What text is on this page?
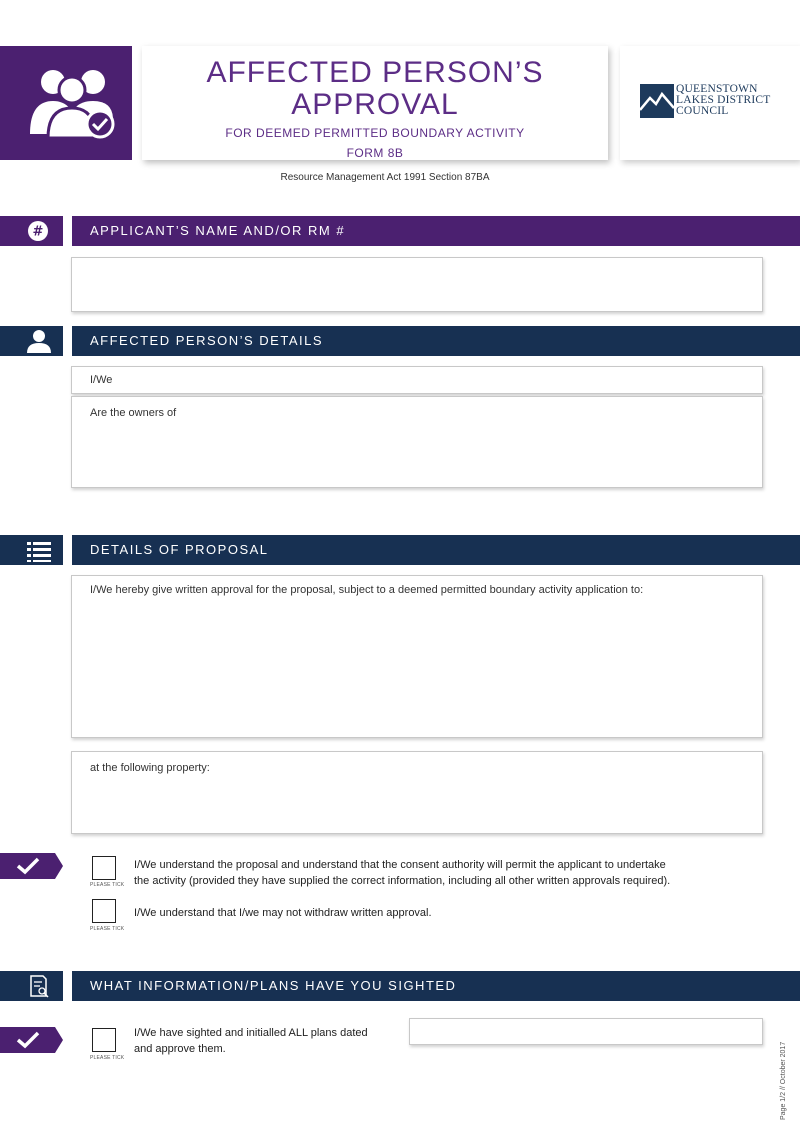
AFFECTED PERSON’S
APPROVAL
FOR DEEMED PERMITTED BOUNDARY ACTIVITY
FORM 8B
QUEENSTOWN
LAKES DISTRICT
COUNCIL
Resource Management Act 1991 Section 87BA
#	APPLICANT’S NAME AND/OR RM #
AFFECTED PERSON’S DETAILS
I/We
Are the owners of
DETAILS OF PROPOSAL
I/We hereby give written approval for the proposal, subject to a deemed permitted boundary activity application to:
at the following property:
PLEASE TICK
I/We understand the proposal and understand that the consent authority will permit the applicant to undertake
the activity (provided they have supplied the correct information, including all other written approvals required).
PLEASE TICK
I/We understand that I/we may not withdraw written approval.
WHAT INFORMATION/PLANS HAVE YOU SIGHTED
PLEASE TICK
I/We have sighted and initialled ALL plans dated
and approve them.	Page 1/2 // October 2017
